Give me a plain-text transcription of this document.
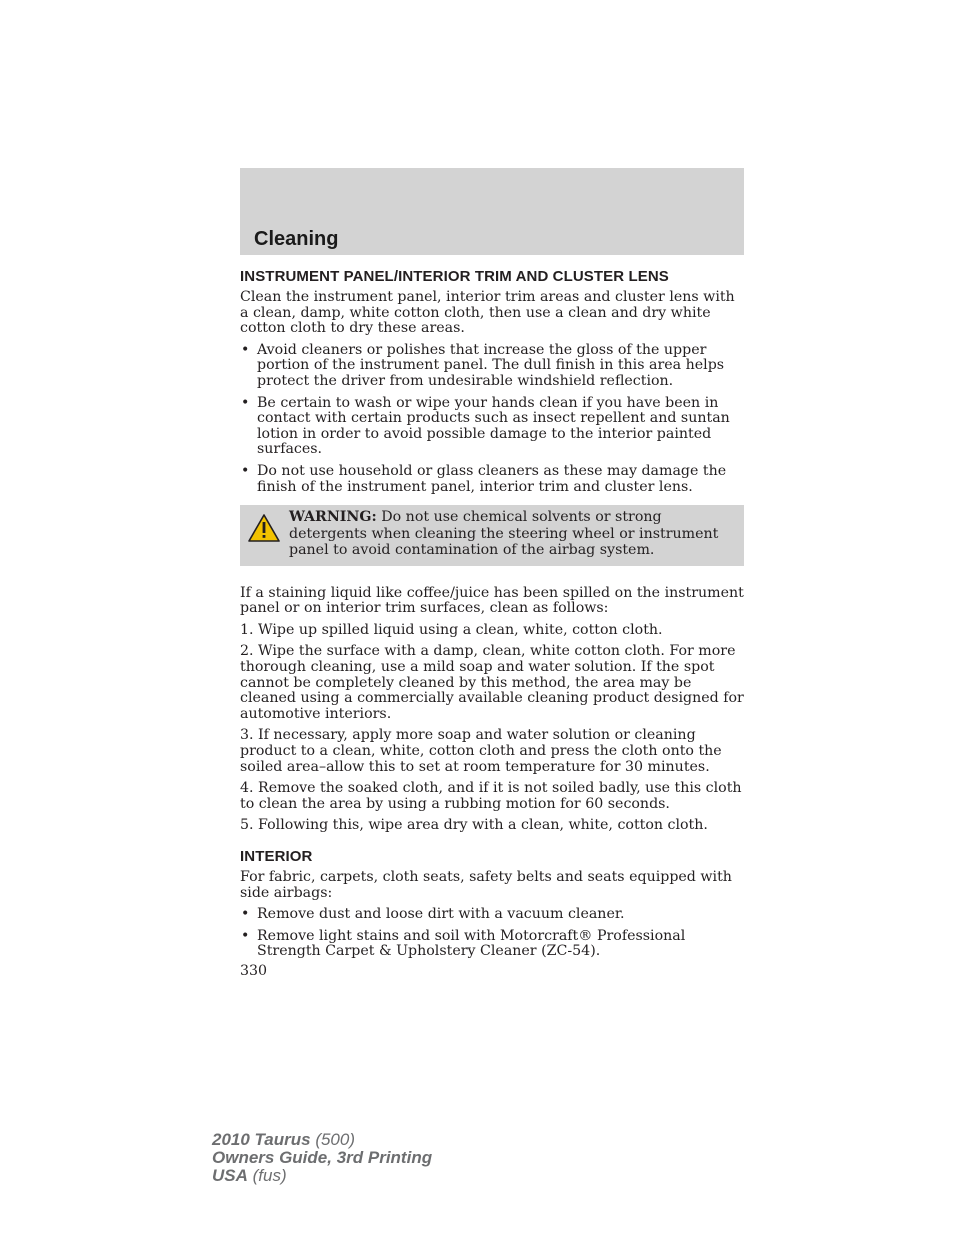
Cleaning
INSTRUMENT PANEL/INTERIOR TRIM AND CLUSTER LENS

Clean the instrument panel, interior trim areas and cluster lens with a clean, damp, white cotton cloth, then use a clean and dry white cotton cloth to dry these areas.

• Avoid cleaners or polishes that increase the gloss of the upper portion of the instrument panel. The dull finish in this area helps protect the driver from undesirable windshield reflection.
• Be certain to wash or wipe your hands clean if you have been in contact with certain products such as insect repellent and suntan lotion in order to avoid possible damage to the interior painted surfaces.
• Do not use household or glass cleaners as these may damage the finish of the instrument panel, interior trim and cluster lens.
WARNING: Do not use chemical solvents or strong detergents when cleaning the steering wheel or instrument panel to avoid contamination of the airbag system.

If a staining liquid like coffee/juice has been spilled on the instrument panel or on interior trim surfaces, clean as follows:

1. Wipe up spilled liquid using a clean, white, cotton cloth.

2. Wipe the surface with a damp, clean, white cotton cloth. For more thorough cleaning, use a mild soap and water solution. If the spot cannot be completely cleaned by this method, the area may be cleaned using a commercially available cleaning product designed for automotive interiors.

3. If necessary, apply more soap and water solution or cleaning product to a clean, white, cotton cloth and press the cloth onto the soiled area–allow this to set at room temperature for 30 minutes.

4. Remove the soaked cloth, and if it is not soiled badly, use this cloth to clean the area by using a rubbing motion for 60 seconds.

5. Following this, wipe area dry with a clean, white, cotton cloth.

INTERIOR

For fabric, carpets, cloth seats, safety belts and seats equipped with side airbags:

• Remove dust and loose dirt with a vacuum cleaner.
• Remove light stains and soil with Motorcraft® Professional Strength Carpet & Upholstery Cleaner (ZC-54).
330
2010 Taurus (500)
Owners Guide, 3rd Printing
USA (fus)
